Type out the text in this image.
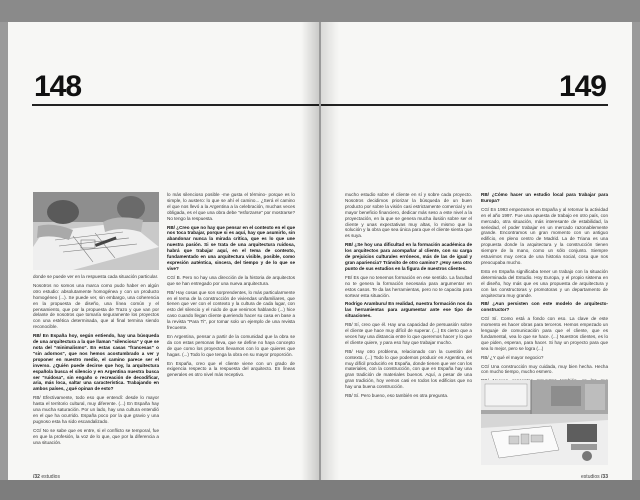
148

donde se puede ver en la respuesta cada situación particular.

Nosotros no somos una marca como pudo haber en algún otro estudio: absolutamente homogénea y con un producto homogéneo (...). Se puede ver, sin embargo, una coherencia en la propuesta de diseño, una línea común y el pensamiento, que por la propuesta de Trazo y que van por delante de nosotros que tomaría seguramente los proyectos con una estética determinada, que al final termina siendo reconocible.

RB/ En España hoy, según entiendo, hay una búsqueda de una arquitectura a la que llaman "silenciosa" y que se nota del "minimalismo". En estas casas "francesas" o "sin adornos", que nos hemos acostumbrado a ver y proponer en nuestro medio, el camino parece ser el inverso. ¿Quién puede decirse que hoy, la arquitectura española busca el silencio y en Argentina nuestra busca ser "ruidosa", sin engaño o recreación de decodificar, aria, más loca, saltar una característica. Trabajando en ambos países, ¿qué opinan de esto?

RB/ Efectivamente, todo eso que entendí: desde lo mayor hasta el territorio cultural, muy diferente. (...) En España hay una mucha saturación. Por un lado, hay una cultura entendió en el que ha ocurrido. España poco por la que gravio y una pugnoso esta ha sido escandalizado.

CG/ No se sabe que es entre, si el conflicto se temporal, fue en que la profesión, la voz de lo que, que por la diferencia a una situación.

lo más silencioso posible -me gusta el término- porque es lo simple, lo austero: lo que se ahí el camino... ¿Será el camino el que nos llevó a la Argentina a la celebración, muchas veces obligada, es el que una obra debe "esforzarse" por mostrarse? No tengo la respuesta.

RB/ ¿Creo que no hay que pensar en el contexto en el que nos toca trabajar, porque si es aquí, hay que asumirlo, sin abandonar nunca la mirada crítica, que es lo que une nuestra pasión. Si se trata de una arquitectura ruidosa, habrá que trabajar aquí, en el tema de contexto, fundamentado en una arquitectura visible, posible, como expresión auténtica, sincera, del tiempo y de lo que se vive?

CG/ B. Pero no hay una dirección de la historia de arquitectos que se han entregado por una nueva arquitectura.

RB/ Hay cosas que son sorprendentes, lo más particularmente en el tema de la construcción de viviendas unifamiliares, que tienen que ver con el contexto y la cultura de cada lugar, con esto del silencio y el ruido de que venimos hablando (...) hice caso cuando llegan cliente queriendo hacer su casa en base a la revista "Para Ti", por tomar solo un ejemplo de una revista frecuente.

En Argentina, pensar a partir de la comunidad que la obra se da con estas personas lleva, que se define no haya concepto de que como los proyectos llevamos con lo que quieres que hagas. (...) Todo lo que tenga la obra en su mayor proporción.

En España, creo que el cliente viene con un grado de exigencia respecto a la respuesta del arquitecto. En líneas generales es otro nivel más receptivo.

/32 estudios
149

mucho estudio sobre el cliente en sí y sobre cada proyecto. Nosotros decidimos priorizar la búsqueda de un buen producto por sobre la visión casi estrictamente comercial y en mayor beneficio financiero, dedicar más seso a este nivel a la proyectación, en la que se genera mucha ilusión sobre ser el cliente y unas expectativas muy altas, lo mismo que la solución y la obra que sea única para que el cliente sienta que es suya.

RB/ ¿Se hoy una dificultad en la formación académica de los arquitectos para acompañar al cliente, con su carga de prejuicios culturales erróneos, más de las de igual y gran apariencia? Tránsito de otro camino? ¿Hoy sera otro punto de sus estudios en la figura de nuestros clientes.

FB/ Es que no tenemos formación en ese sentido. La facultad no te genera la formación necesaria para argumentar en estos casos. Te da las herramientas, pero no te capacita para sortear esta situación.

Rodrigo Aramburu/ En realidad, nuestra formación nos da las herramientas para argumentar ante ese tipo de situaciones.

RB/ Sí, creo que él. Hay una capacidad de persuasión sobre el cliente que hace muy difícil de superar. (...) Es cierto que a veces hay una distancia entre lo que queremos hacer y lo que el cliente quiere, y para eso hay que trabajar mucho.

RB/ Hay otro problema, relacionado con la cuestión del contexto. (...) Todo lo que podemos producir en Argentina, es muy difícil producirlo en España, donde tienen que ver con los materiales, con la construcción, con que en España hay una gran tradición de materiales buenos. Aquí, a pesar de una gran tradición, hoy vemos casi en todos los edificios que no hay una buena construcción.

RB/ Sí. Pero bueno, eso también es otra pregunta.

RB/ ¿Cómo hacer un estudio local para trabajar para Europa?

CG/ En 1993 empezamos en España y al retomar la actividad en el año 1997. Fue una apuesta de trabajo en otro país, con mercado, otra situación, más interesante de estabilidad, la seriedad, el poder trabajar en un mercado razonablemente grande. Encontramos un gran momento con un antiguo edificio, en pleno centro de Madrid. La de Triana es una propuesta donde la arquitectura y la construcción tienen siempre de la mano, como un sólo conjunto. Siempre estuvimos muy cerca de una historia social, cosa que nos preocupaba mucho.

Esto en España significaba tener un trabajo con la situación determinada del Estudio. Hoy Europa, y el propio sistema en el diseño, hoy más que es una propuesta de arquitectura y con las constructoras y promotoras y un departamento de arquitectura muy grande.

RB/ ¿Aun persisten con este modelo de arquitecto-constructor?

CG/ Sí. Como está a fondo con eso. La clave de este momento es hacer obras para terceros. Hemos empezado un lenguaje de comunicación para que el cliente, que es fundamental, vea lo que se hace. (...) Nuestros clientes, es lo que piden, esperan, para hacer. Si hay un proyecto para que sea lo mejor, pero se logra (...)

RB/ ¿Y qué el mayor negocio?

CG/ Una construcción muy cuidada, muy bien hecha. Hecha con mucho tiempo, mucho esmero.

estudios /33
